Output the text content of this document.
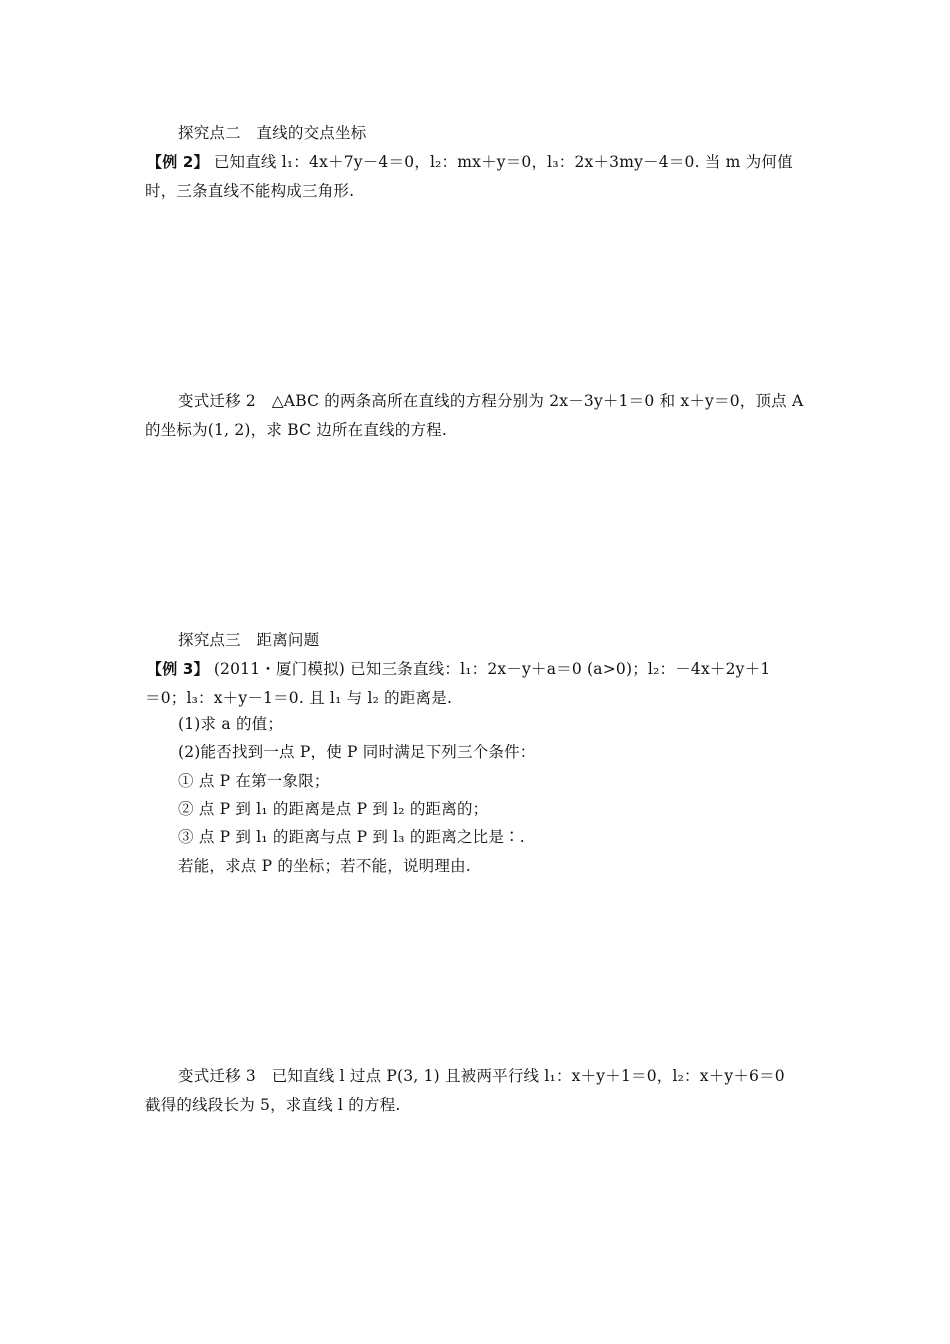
探究点二　直线的交点坐标
【例 2】 已知直线 l₁：4x＋7y－4＝0，l₂：mx＋y＝0，l₃：2x＋3my－4＝0. 当 m 为何值
时，三条直线不能构成三角形.
变式迁移 2　△ABC 的两条高所在直线的方程分别为 2x－3y＋1＝0 和 x＋y＝0，顶点 A
的坐标为(1, 2)，求 BC 边所在直线的方程.
探究点三　距离问题
【例 3】 (2011・厦门模拟) 已知三条直线：l₁：2x－y＋a＝0 (a>0)；l₂：－4x＋2y＋1
＝0；l₃：x＋y－1＝0. 且 l₁ 与 l₂ 的距离是.
(1)求 a 的值；
(2)能否找到一点 P，使 P 同时满足下列三个条件：
① 点 P 在第一象限；
② 点 P 到 l₁ 的距离是点 P 到 l₂ 的距离的；
③ 点 P 到 l₁ 的距离与点 P 到 l₃ 的距离之比是∶.
若能，求点 P 的坐标；若不能，说明理由.
变式迁移 3　已知直线 l 过点 P(3, 1) 且被两平行线 l₁：x＋y＋1＝0，l₂：x＋y＋6＝0
截得的线段长为 5，求直线 l 的方程.
